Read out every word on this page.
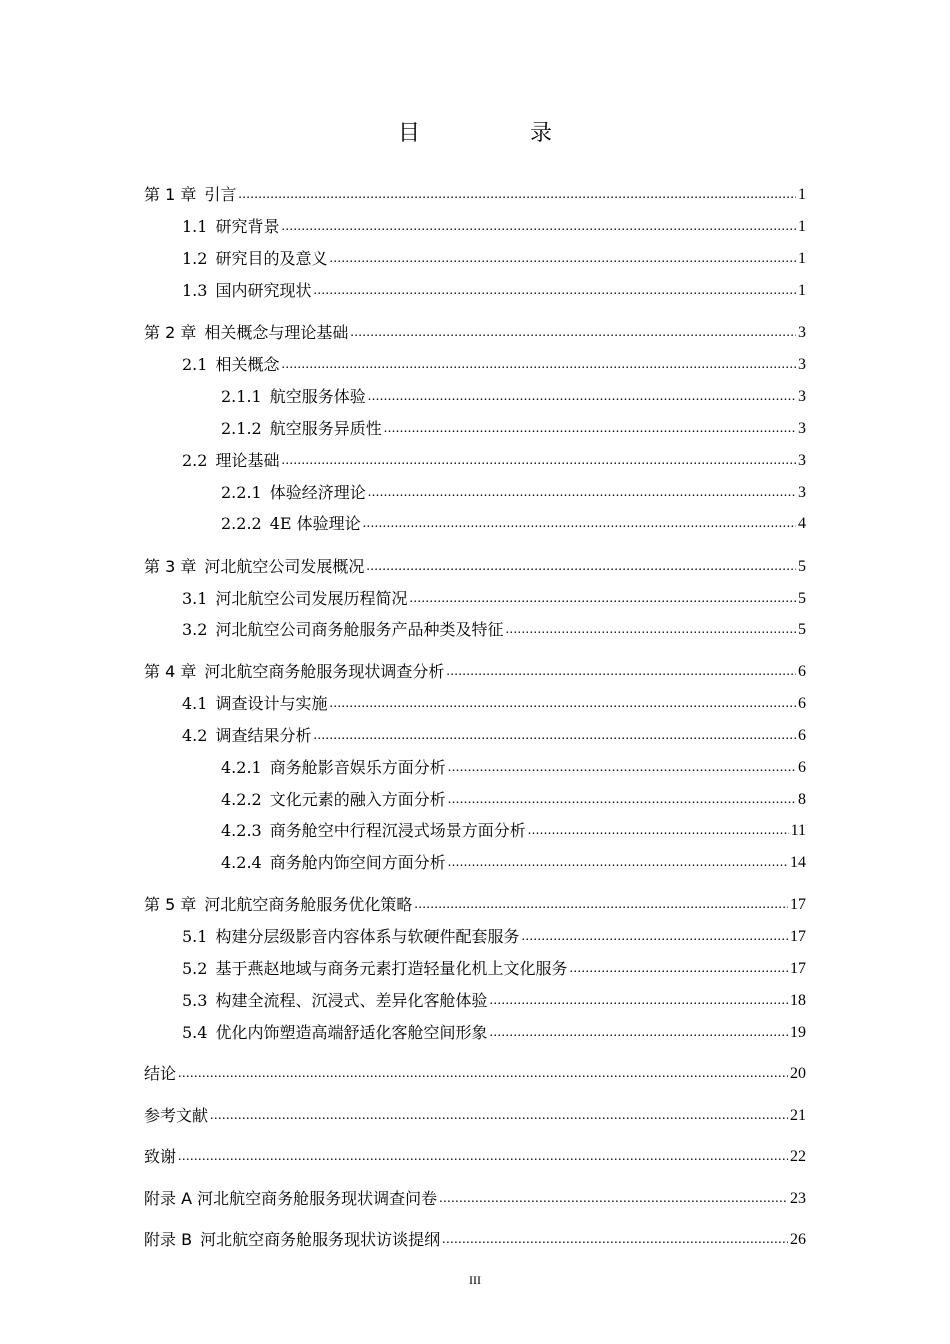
目　录
第 1 章 引言 .....	1
1.1 研究背景 .....	1
1.2 研究目的及意义 .....	1
1.3 国内研究现状 .....	1
第 2 章 相关概念与理论基础 .....	3
2.1 相关概念 .....	3
2.1.1 航空服务体验 .....	3
2.1.2 航空服务异质性 .....	3
2.2 理论基础 .....	3
2.2.1 体验经济理论 .....	3
2.2.2 4E 体验理论 .....	4
第 3 章 河北航空公司发展概况 .....	5
3.1 河北航空公司发展历程简况 .....	5
3.2 河北航空公司商务舱服务产品种类及特征 .....	5
第 4 章 河北航空商务舱服务现状调查分析 .....	6
4.1 调查设计与实施 .....	6
4.2 调查结果分析 .....	6
4.2.1 商务舱影音娱乐方面分析 .....	6
4.2.2 文化元素的融入方面分析 .....	8
4.2.3 商务舱空中行程沉浸式场景方面分析 .....	11
4.2.4 商务舱内饰空间方面分析 .....	14
第 5 章 河北航空商务舱服务优化策略 .....	17
5.1 构建分层级影音内容体系与软硬件配套服务 .....	17
5.2 基于燕赵地域与商务元素打造轻量化机上文化服务 .....	17
5.3 构建全流程、沉浸式、差异化客舱体验 .....	18
5.4 优化内饰塑造高端舒适化客舱空间形象 .....	19
结论 .....	20
参考文献 .....	21
致谢 .....	22
附录 A 河北航空商务舱服务现状调查问卷 .....	23
附录 B 河北航空商务舱服务现状访谈提纲 .....	26
III
